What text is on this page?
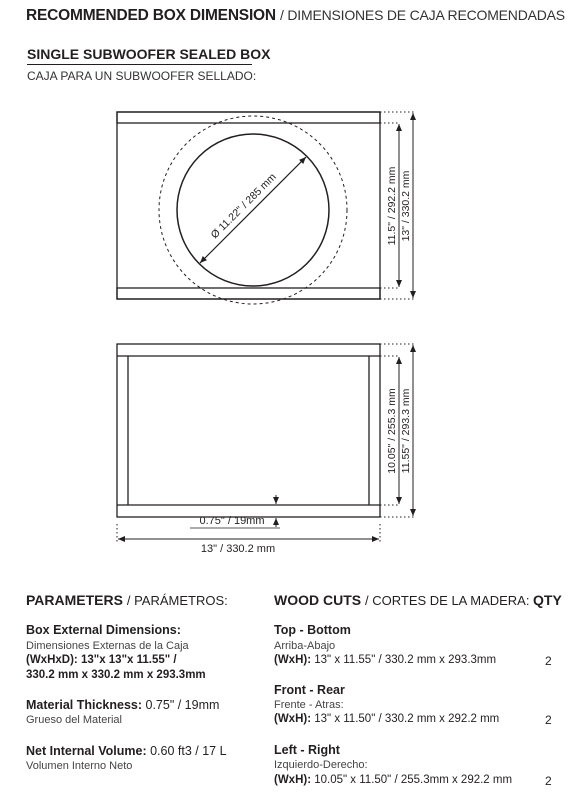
RECOMMENDED BOX DIMENSION / DIMENSIONES DE CAJA RECOMENDADAS
SINGLE SUBWOOFER SEALED BOX
CAJA PARA UN SUBWOOFER SELLADO:
Ø 11.22" / 285 mm	11.5" / 292.2 mm 13" / 330.2 mm
10.05" / 255.3 mm 11.55" / 293.3 mm
0.75" / 19mm
13" / 330.2 mm
PARAMETERS / PARÁMETROS:
Box External Dimensions:
Dimensiones Externas de la Caja
(WxHxD): 13"x 13"x 11.55" /
330.2 mm x 330.2 mm x 293.3mm
Material Thickness: 0.75" / 19mm
Grueso del Material
Net Internal Volume: 0.60 ft3 / 17 L
Volumen Interno Neto
WOOD CUTS / CORTES DE LA MADERA: QTY
Top - Bottom
Arriba-Abajo
(WxH): 13" x 11.55" / 330.2 mm x 293.3mm	2
Front - Rear
Frente - Atras:
(WxH): 13" x 11.50" / 330.2 mm x 292.2 mm	2
Left - Right
Izquierdo-Derecho:
(WxH): 10.05" x 11.50" / 255.3mm x 292.2 mm	2
